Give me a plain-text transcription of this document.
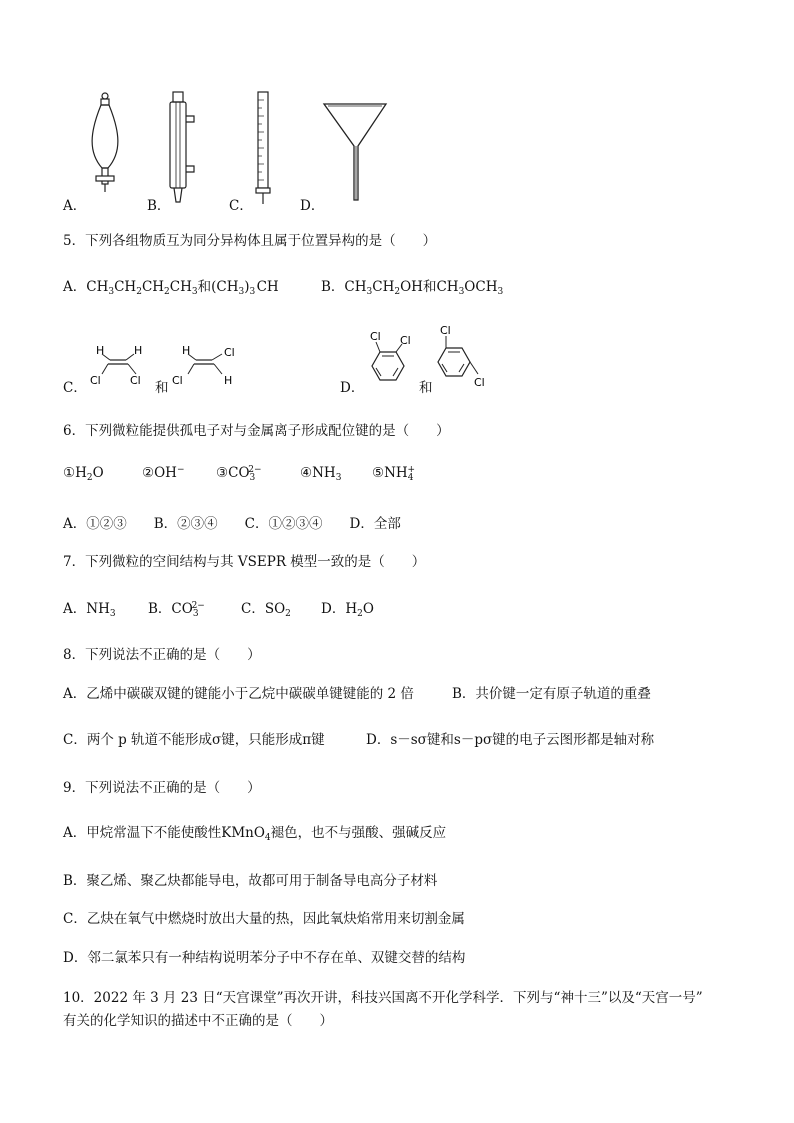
A．	B．	C．	D．
5．下列各组物质互为同分异构体且属于位置异构的是（　　）
A．$CH_3CH_2CH_2CH_3$和$(CH_3)_3$ CH	B．$CH_3CH_2OH$和$CH_3OCH_3$
C．
H	H
Cl	Cl 和
H	Cl
Cl	H	D．
Cl Cl
和
Cl
Cl
6．下列微粒能提供孤电子对与金属离子形成配位键的是（　　）
$①H_2O$	②OH− $③CO_3^{2-}$	$④NH_3$ $⑤NH_4^+$
A．①②③　　B．②③④　　C．①②③④　　D．全部
7．下列微粒的空间结构与其 VSEPR 模型一致的是（　　）
A．$NH_3$ B．$CO_3^{2-}$	C．$SO_2$ D．$H_2O$
8．下列说法不正确的是（　　）
A．乙烯中碳碳双键的键能小于乙烷中碳碳单键键能的 2 倍	B．共价键一定有原子轨道的重叠
C．两个 p 轨道不能形成σ键，只能形成π键	D．s－sσ键和s－pσ键的电子云图形都是轴对称
9．下列说法不正确的是（　　）
A．甲烷常温下不能使酸性KMnO$_4$褪色，也不与强酸、强碱反应
B．聚乙烯、聚乙炔都能导电，故都可用于制备导电高分子材料
C．乙炔在氧气中燃烧时放出大量的热，因此氧炔焰常用来切割金属
D．邻二氯苯只有一种结构说明苯分子中不存在单、双键交替的结构
10．2022 年 3 月 23 日“天宫课堂”再次开讲，科技兴国离不开化学科学．下列与“神十三”以及“天宫一号”
有关的化学知识的描述中不正确的是（　　）
